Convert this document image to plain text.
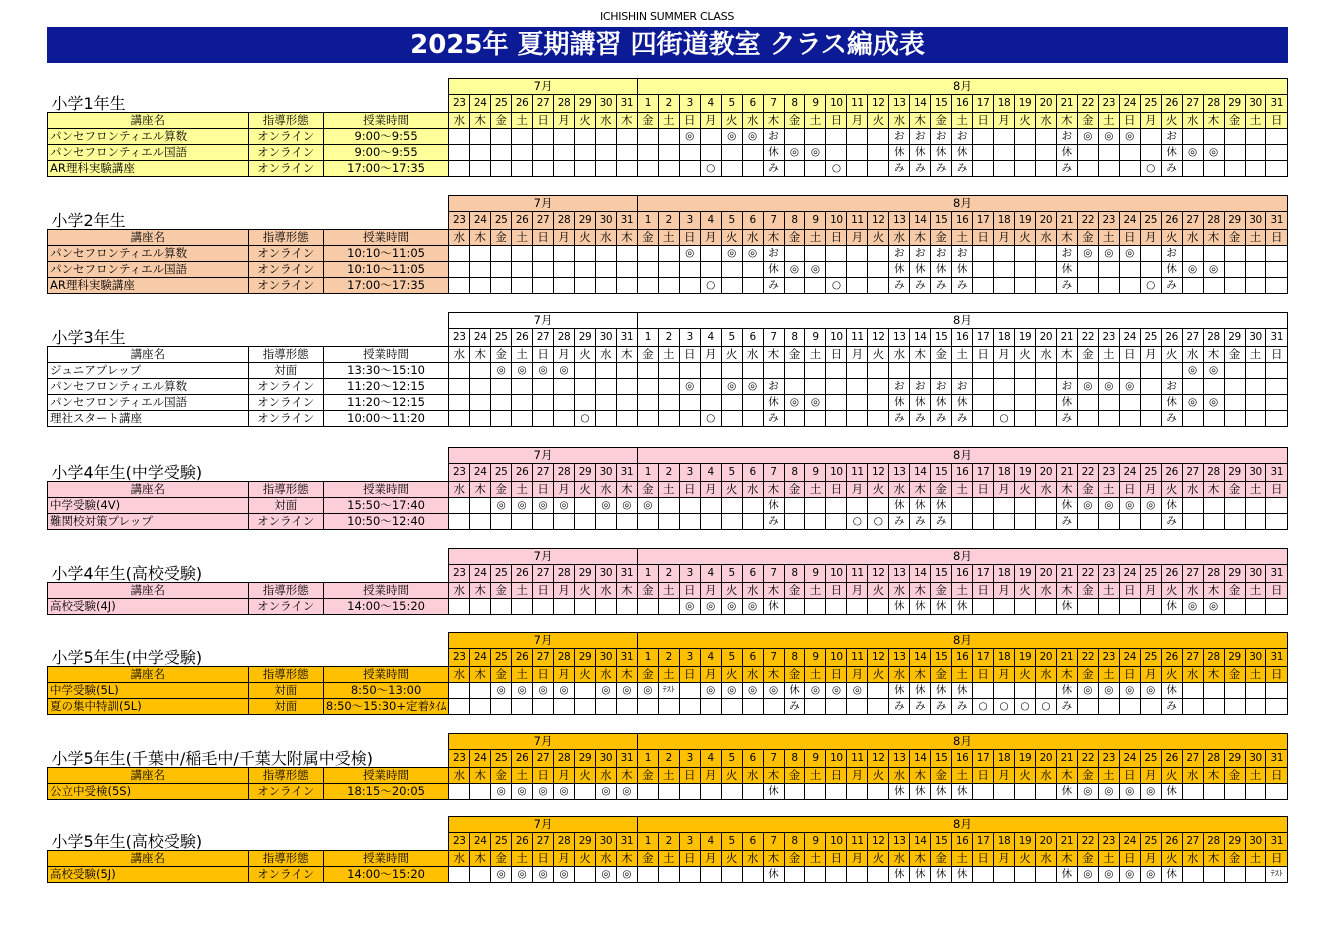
ICHISHIN SUMMER CLASS
2025年 夏期講習 四街道教室 クラス編成表
			7月									8月																														
小学1年生			23	24	25	26	27	28	29	30	31	1	2	3	4	5	6	7	8	9	10	11	12	13	14	15	16	17	18	19	20	21	22	23	24	25	26	27	28	29	30	31
講座名	指導形態	授業時間	水	木	金	土	日	月	火	水	木	金	土	日	月	火	水	木	金	土	日	月	火	水	木	金	土	日	月	火	水	木	金	土	日	月	火	水	木	金	土	日
パンセフロンティエル算数	オンライン	9:00～9:55												◎		◎	◎	お						お	お	お	お					お	◎	◎	◎		お					
パンセフロンティエル国語	オンライン	9:00～9:55																休	◎	◎				休	休	休	休					休					休	◎	◎			
AR理科実験講座	オンライン	17:00～17:35													○			み			○			み	み	み	み					み				○	み					
			7月									8月																														
小学2年生			23	24	25	26	27	28	29	30	31	1	2	3	4	5	6	7	8	9	10	11	12	13	14	15	16	17	18	19	20	21	22	23	24	25	26	27	28	29	30	31
講座名	指導形態	授業時間	水	木	金	土	日	月	火	水	木	金	土	日	月	火	水	木	金	土	日	月	火	水	木	金	土	日	月	火	水	木	金	土	日	月	火	水	木	金	土	日
パンセフロンティエル算数	オンライン	10:10～11:05												◎		◎	◎	お						お	お	お	お					お	◎	◎	◎		お					
パンセフロンティエル国語	オンライン	10:10～11:05																休	◎	◎				休	休	休	休					休					休	◎	◎			
AR理科実験講座	オンライン	17:00～17:35													○			み			○			み	み	み	み					み				○	み					
			7月									8月																														
小学3年生			23	24	25	26	27	28	29	30	31	1	2	3	4	5	6	7	8	9	10	11	12	13	14	15	16	17	18	19	20	21	22	23	24	25	26	27	28	29	30	31
講座名	指導形態	授業時間	水	木	金	土	日	月	火	水	木	金	土	日	月	火	水	木	金	土	日	月	火	水	木	金	土	日	月	火	水	木	金	土	日	月	火	水	木	金	土	日
ジュニアプレップ	対面	13:30～15:10			◎	◎	◎	◎																														◎	◎			
パンセフロンティエル算数	オンライン	11:20～12:15												◎		◎	◎	お						お	お	お	お					お	◎	◎	◎		お					
パンセフロンティエル国語	オンライン	11:20～12:15																休	◎	◎				休	休	休	休					休					休	◎	◎			
理社スタート講座	オンライン	10:00～11:20							○						○			み						み	み	み	み		○			み					み					
			7月									8月																														
小学4年生(中学受験)			23	24	25	26	27	28	29	30	31	1	2	3	4	5	6	7	8	9	10	11	12	13	14	15	16	17	18	19	20	21	22	23	24	25	26	27	28	29	30	31
講座名	指導形態	授業時間	水	木	金	土	日	月	火	水	木	金	土	日	月	火	水	木	金	土	日	月	火	水	木	金	土	日	月	火	水	木	金	土	日	月	火	水	木	金	土	日
中学受験(4V)	対面	15:50～17:40			◎	◎	◎	◎		◎	◎	◎						休						休	休	休						休	◎	◎	◎	◎	休					
難関校対策プレップ	オンライン	10:50～12:40																み				○	○	み	み	み						み					み					
			7月									8月																														
小学4年生(高校受験)			23	24	25	26	27	28	29	30	31	1	2	3	4	5	6	7	8	9	10	11	12	13	14	15	16	17	18	19	20	21	22	23	24	25	26	27	28	29	30	31
講座名	指導形態	授業時間	水	木	金	土	日	月	火	水	木	金	土	日	月	火	水	木	金	土	日	月	火	水	木	金	土	日	月	火	水	木	金	土	日	月	火	水	木	金	土	日
高校受験(4J)	オンライン	14:00～15:20												◎	◎	◎	◎	休						休	休	休	休					休					休	◎	◎			
			7月									8月																														
小学5年生(中学受験)			23	24	25	26	27	28	29	30	31	1	2	3	4	5	6	7	8	9	10	11	12	13	14	15	16	17	18	19	20	21	22	23	24	25	26	27	28	29	30	31
講座名	指導形態	授業時間	水	木	金	土	日	月	火	水	木	金	土	日	月	火	水	木	金	土	日	月	火	水	木	金	土	日	月	火	水	木	金	土	日	月	火	水	木	金	土	日
中学受験(5L)	対面	8:50～13:00			◎	◎	◎	◎		◎	◎	◎	ﾃｽﾄ		◎	◎	◎	◎	休	◎	◎	◎		休	休	休	休					休	◎	◎	◎	◎	休					
夏の集中特訓(5L)	対面	8:50～15:30+定着ﾀｲﾑ																	み					み	み	み	み	○	○	○	○	み					み					
			7月									8月																														
小学5年生(千葉中/稲毛中/千葉大附属中受検)			23	24	25	26	27	28	29	30	31	1	2	3	4	5	6	7	8	9	10	11	12	13	14	15	16	17	18	19	20	21	22	23	24	25	26	27	28	29	30	31
講座名	指導形態	授業時間	水	木	金	土	日	月	火	水	木	金	土	日	月	火	水	木	金	土	日	月	火	水	木	金	土	日	月	火	水	木	金	土	日	月	火	水	木	金	土	日
公立中受検(5S)	オンライン	18:15～20:05			◎	◎	◎	◎		◎	◎							休						休	休	休	休					休	◎	◎	◎	◎	休					
			7月									8月																														
小学5年生(高校受験)			23	24	25	26	27	28	29	30	31	1	2	3	4	5	6	7	8	9	10	11	12	13	14	15	16	17	18	19	20	21	22	23	24	25	26	27	28	29	30	31
講座名	指導形態	授業時間	水	木	金	土	日	月	火	水	木	金	土	日	月	火	水	木	金	土	日	月	火	水	木	金	土	日	月	火	水	木	金	土	日	月	火	水	木	金	土	日
高校受験(5J)	オンライン	14:00～15:20			◎	◎	◎	◎		◎	◎							休						休	休	休	休					休	◎	◎	◎	◎	休					ﾃｽﾄ
